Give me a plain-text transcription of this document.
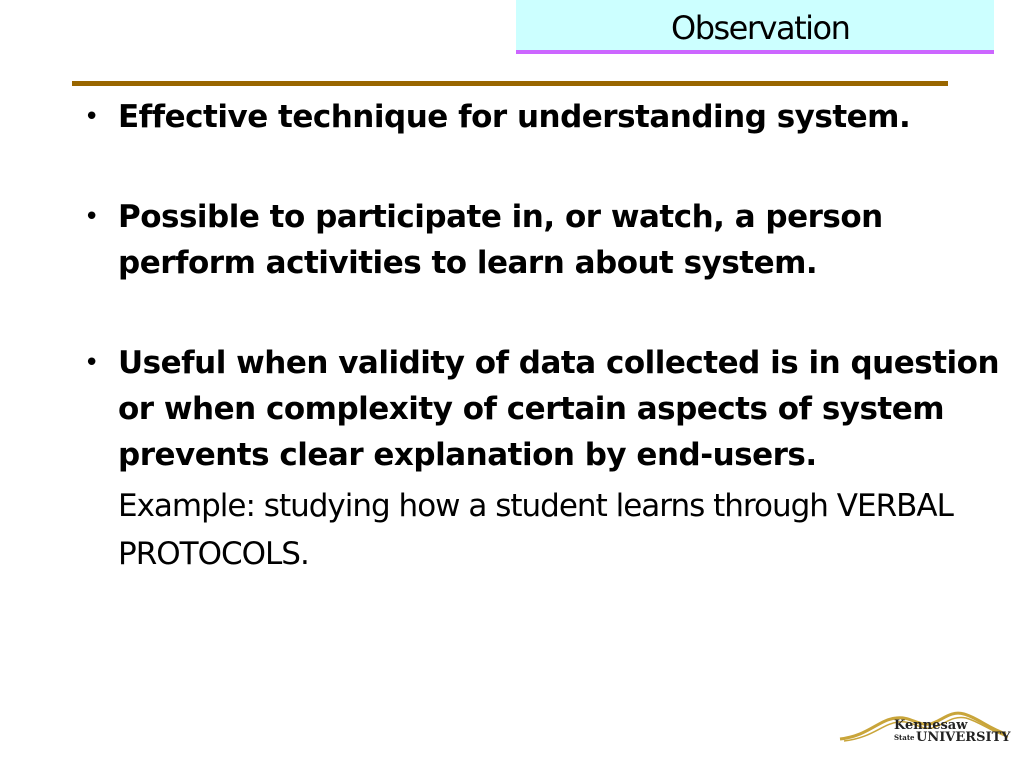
Observation

• Effective technique for understanding system.

• Possible to participate in, or watch, a person perform activities to learn about system.

• Useful when validity of data collected is in question or when complexity of certain aspects of system prevents clear explanation by end-users.

Example: studying how a student learns through VERBAL PROTOCOLS.
Kennesaw
State UNIVERSITY
